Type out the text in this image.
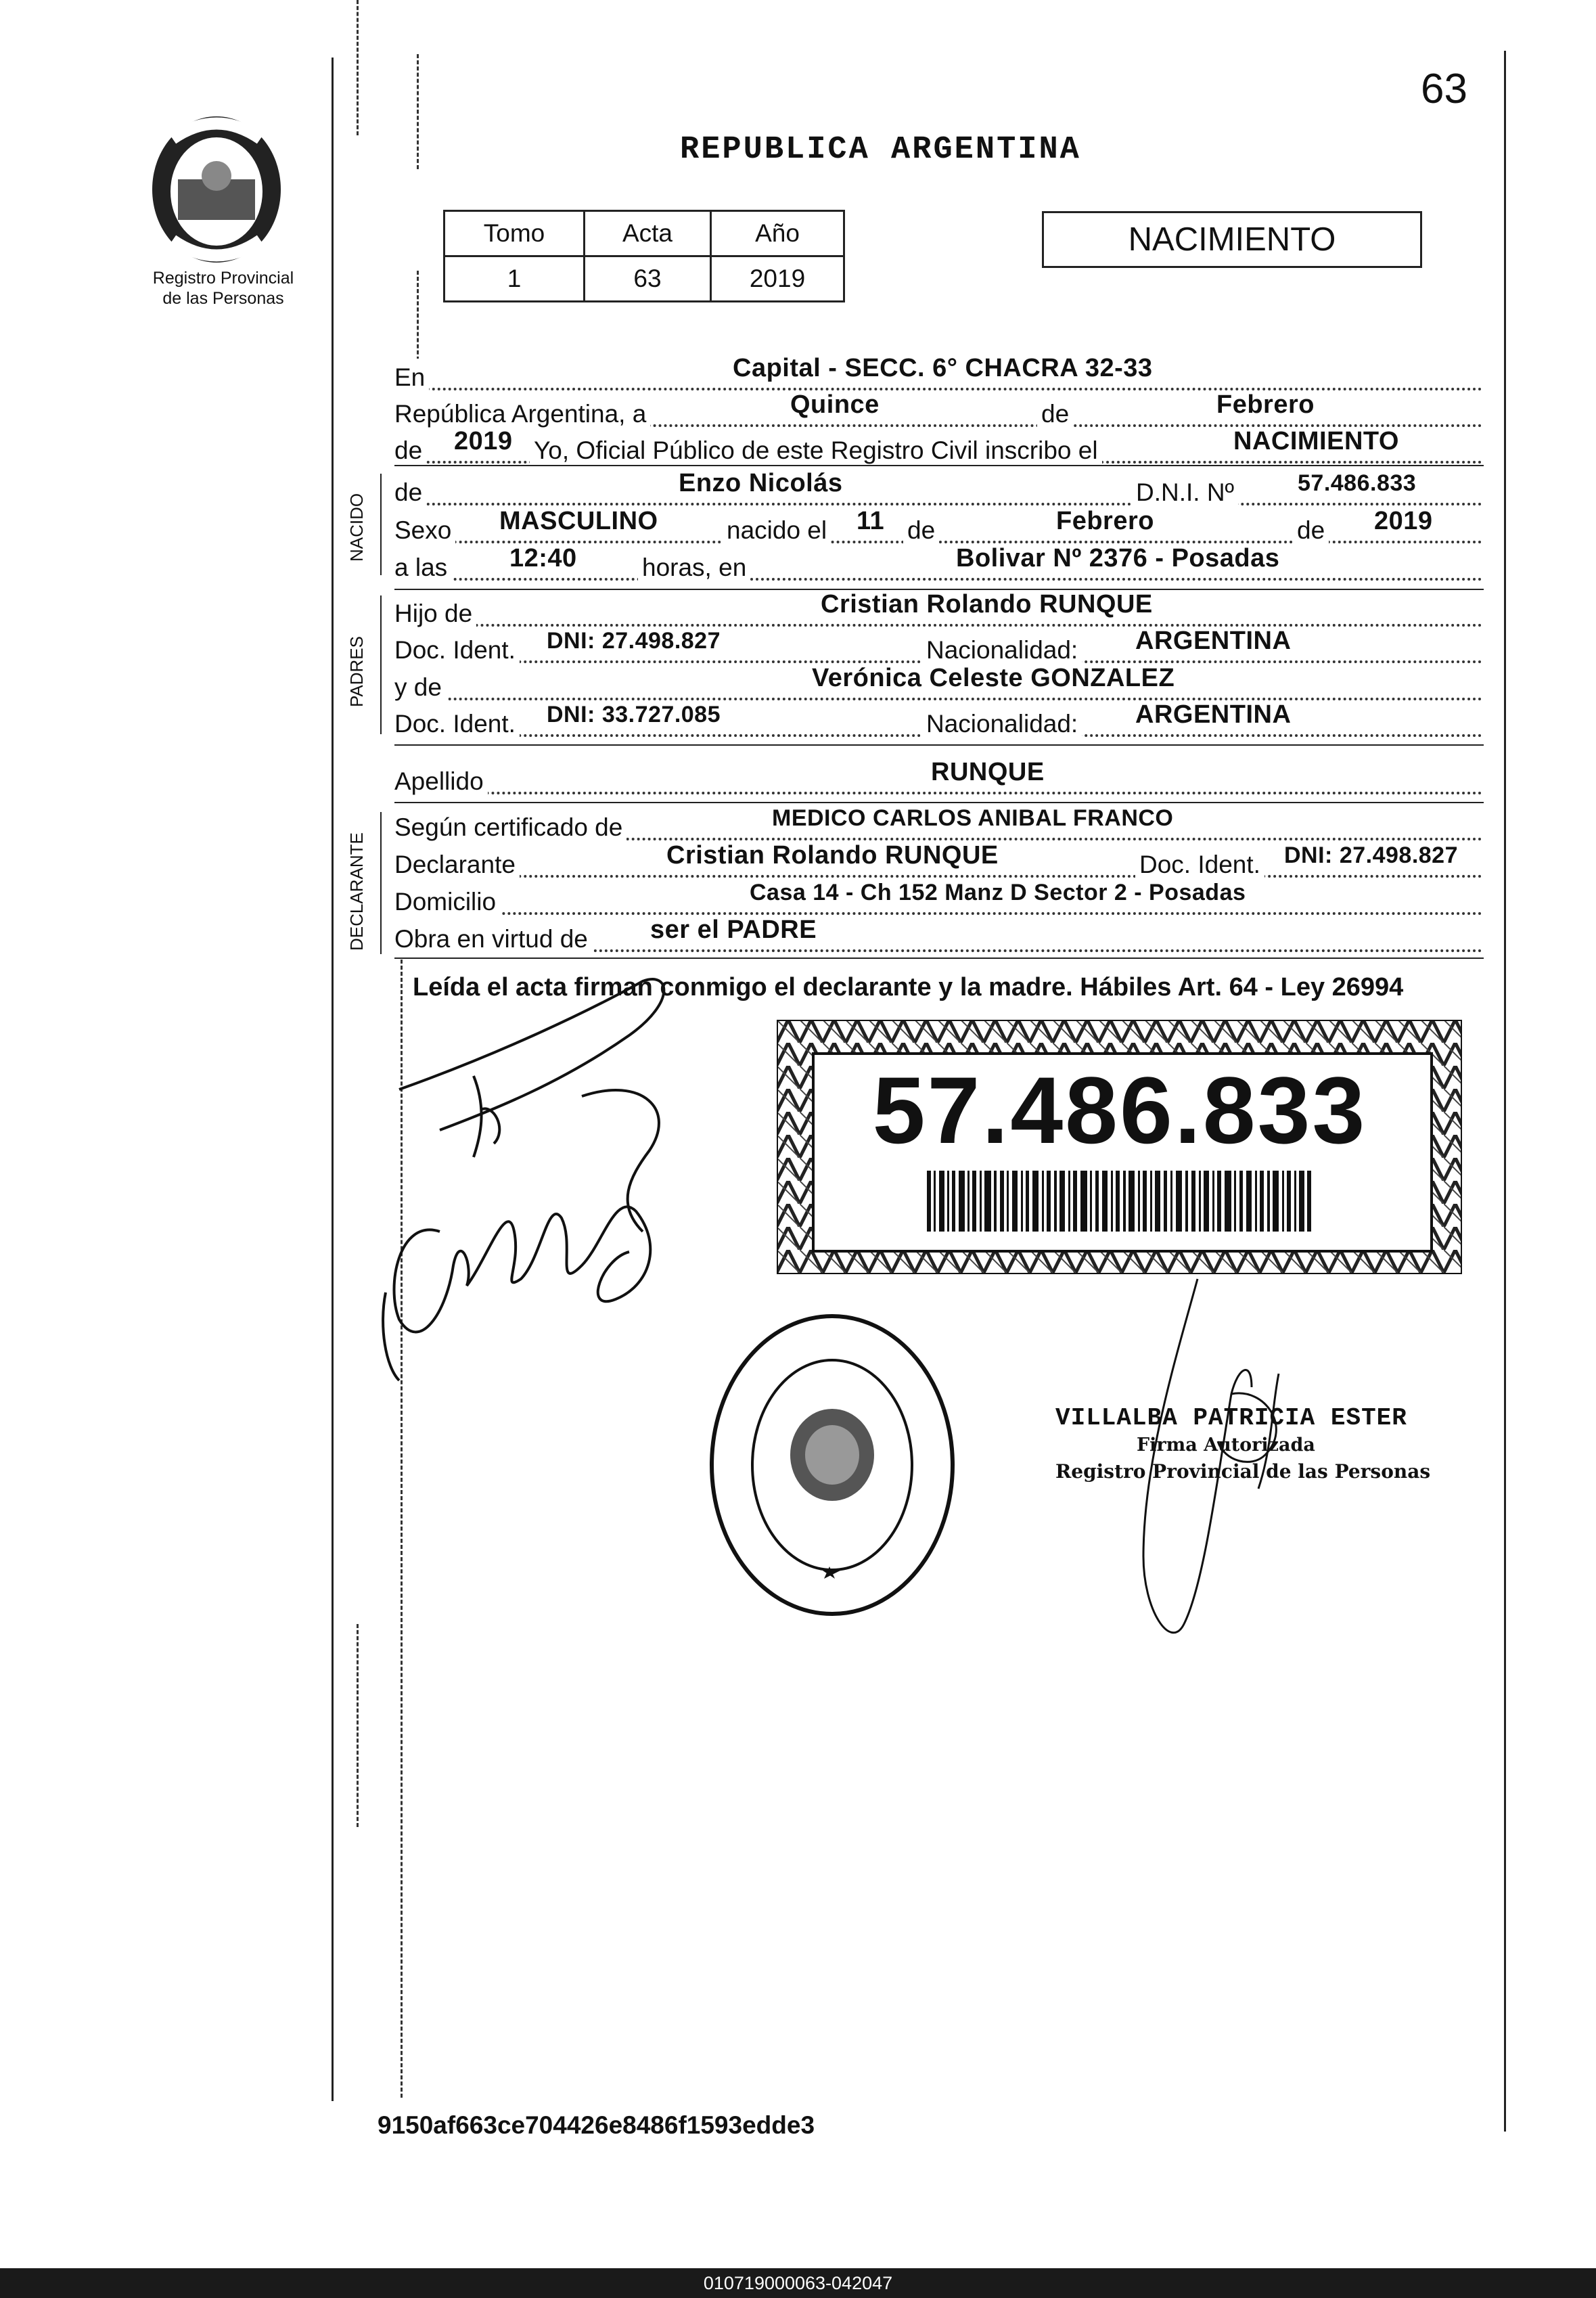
Registro Provincial
de las Personas
63
REPUBLICA ARGENTINA
Tomo	Acta	Año
1	63	2019
NACIMIENTO
En	Capital - SECC. 6° CHACRA 32-33
República Argentina, a	Quince	de	Febrero
de 2019 Yo, Oficial Público de este Registro Civil inscribo el	NACIMIENTO
NACIDO
de	Enzo Nicolás	D.N.I. Nº	57.486.833
Sexo MASCULINO	nacido el 11 de	Febrero	de 2019
a las 12:40	horas, en	Bolivar Nº 2376 - Posadas
PADRES
Hijo de	Cristian Rolando RUNQUE
Doc. Ident. DNI: 27.498.827	Nacionalidad: ARGENTINA
y de	Verónica Celeste GONZALEZ
Doc. Ident. DNI: 33.727.085	Nacionalidad: ARGENTINA
Apellido	RUNQUE
DECLARANTE
Según certificado de	MEDICO CARLOS ANIBAL FRANCO
Declarante	Cristian Rolando RUNQUE	Doc. Ident. DNI: 27.498.827
Domicilio	Casa 14 - Ch 152 Manz D Sector 2 - Posadas
Obra en virtud de ser el PADRE
Leída el acta firman conmigo el declarante y la madre. Hábiles Art. 64 - Ley 26994
57.486.833
VILLALBA PATRICIA ESTER
Firma Autorizada
Registro Provincial de las Personas
9150af663ce704426e8486f1593edde3
010719000063-042047
